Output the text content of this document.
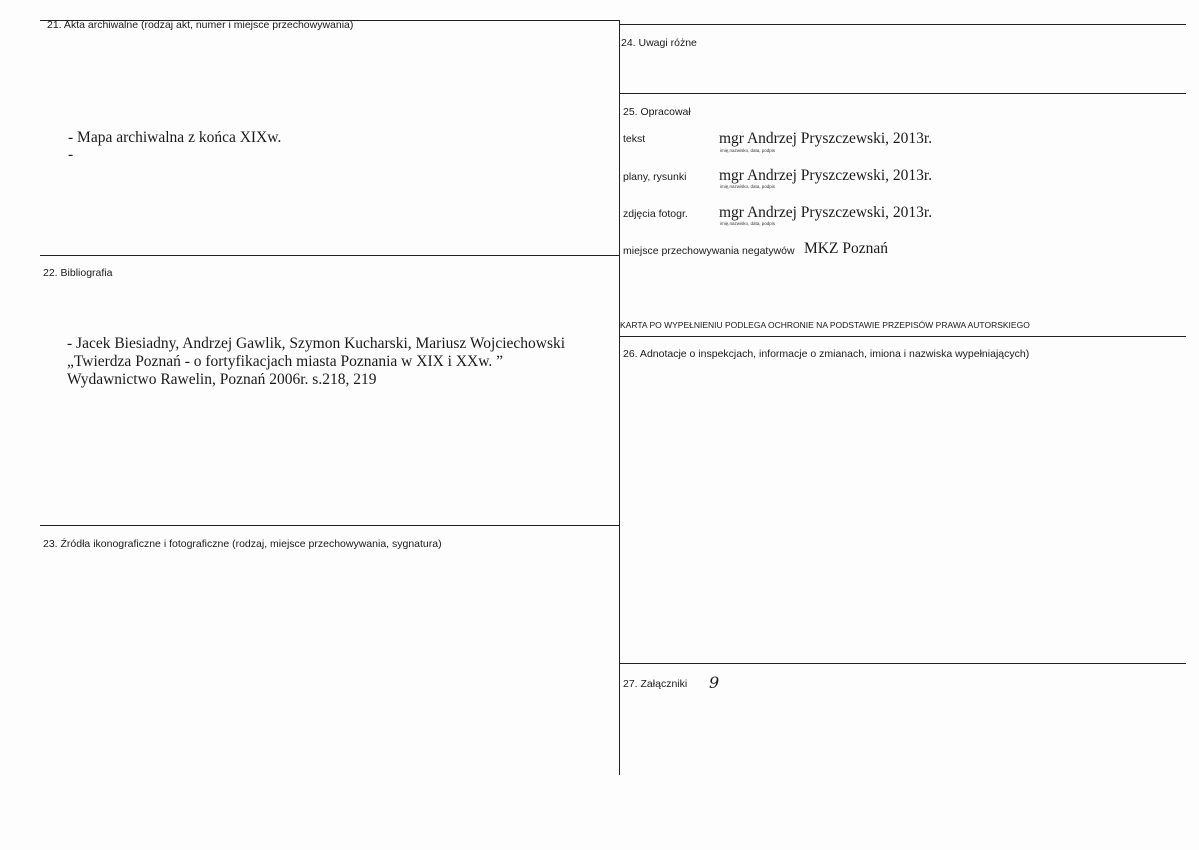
21. Akta archiwalne (rodzaj akt, numer i miejsce przechowywania)
- Mapa archiwalna z końca XIXw.
-
22. Bibliografia
- Jacek Biesiadny, Andrzej Gawlik, Szymon Kucharski, Mariusz Wojciechowski
„Twierdza Poznań - o fortyfikacjach miasta Poznania w XIX i XXw. ”
Wydawnictwo Rawelin, Poznań 2006r. s.218, 219
23. Źródła ikonograficzne i fotograficzne (rodzaj, miejsce przechowywania, sygnatura)
24. Uwagi różne
25. Opracował
tekst	mgr Andrzej Pryszczewski, 2013r.
imię,nazwisko, data, podpis
plany, rysunki mgr Andrzej Pryszczewski, 2013r.
imię,nazwisko, data, podpis
zdjęcia fotogr. mgr Andrzej Pryszczewski, 2013r.
imię,nazwisko, data, podpis
miejsce przechowywania negatywów MKZ Poznań
KARTA PO WYPEŁNIENIU PODLEGA OCHRONIE NA PODSTAWIE PRZEPISÓW PRAWA AUTORSKIEGO
26. Adnotacje o inspekcjach, informacje o zmianach, imiona i nazwiska wypełniających)
27. Załączniki 9
